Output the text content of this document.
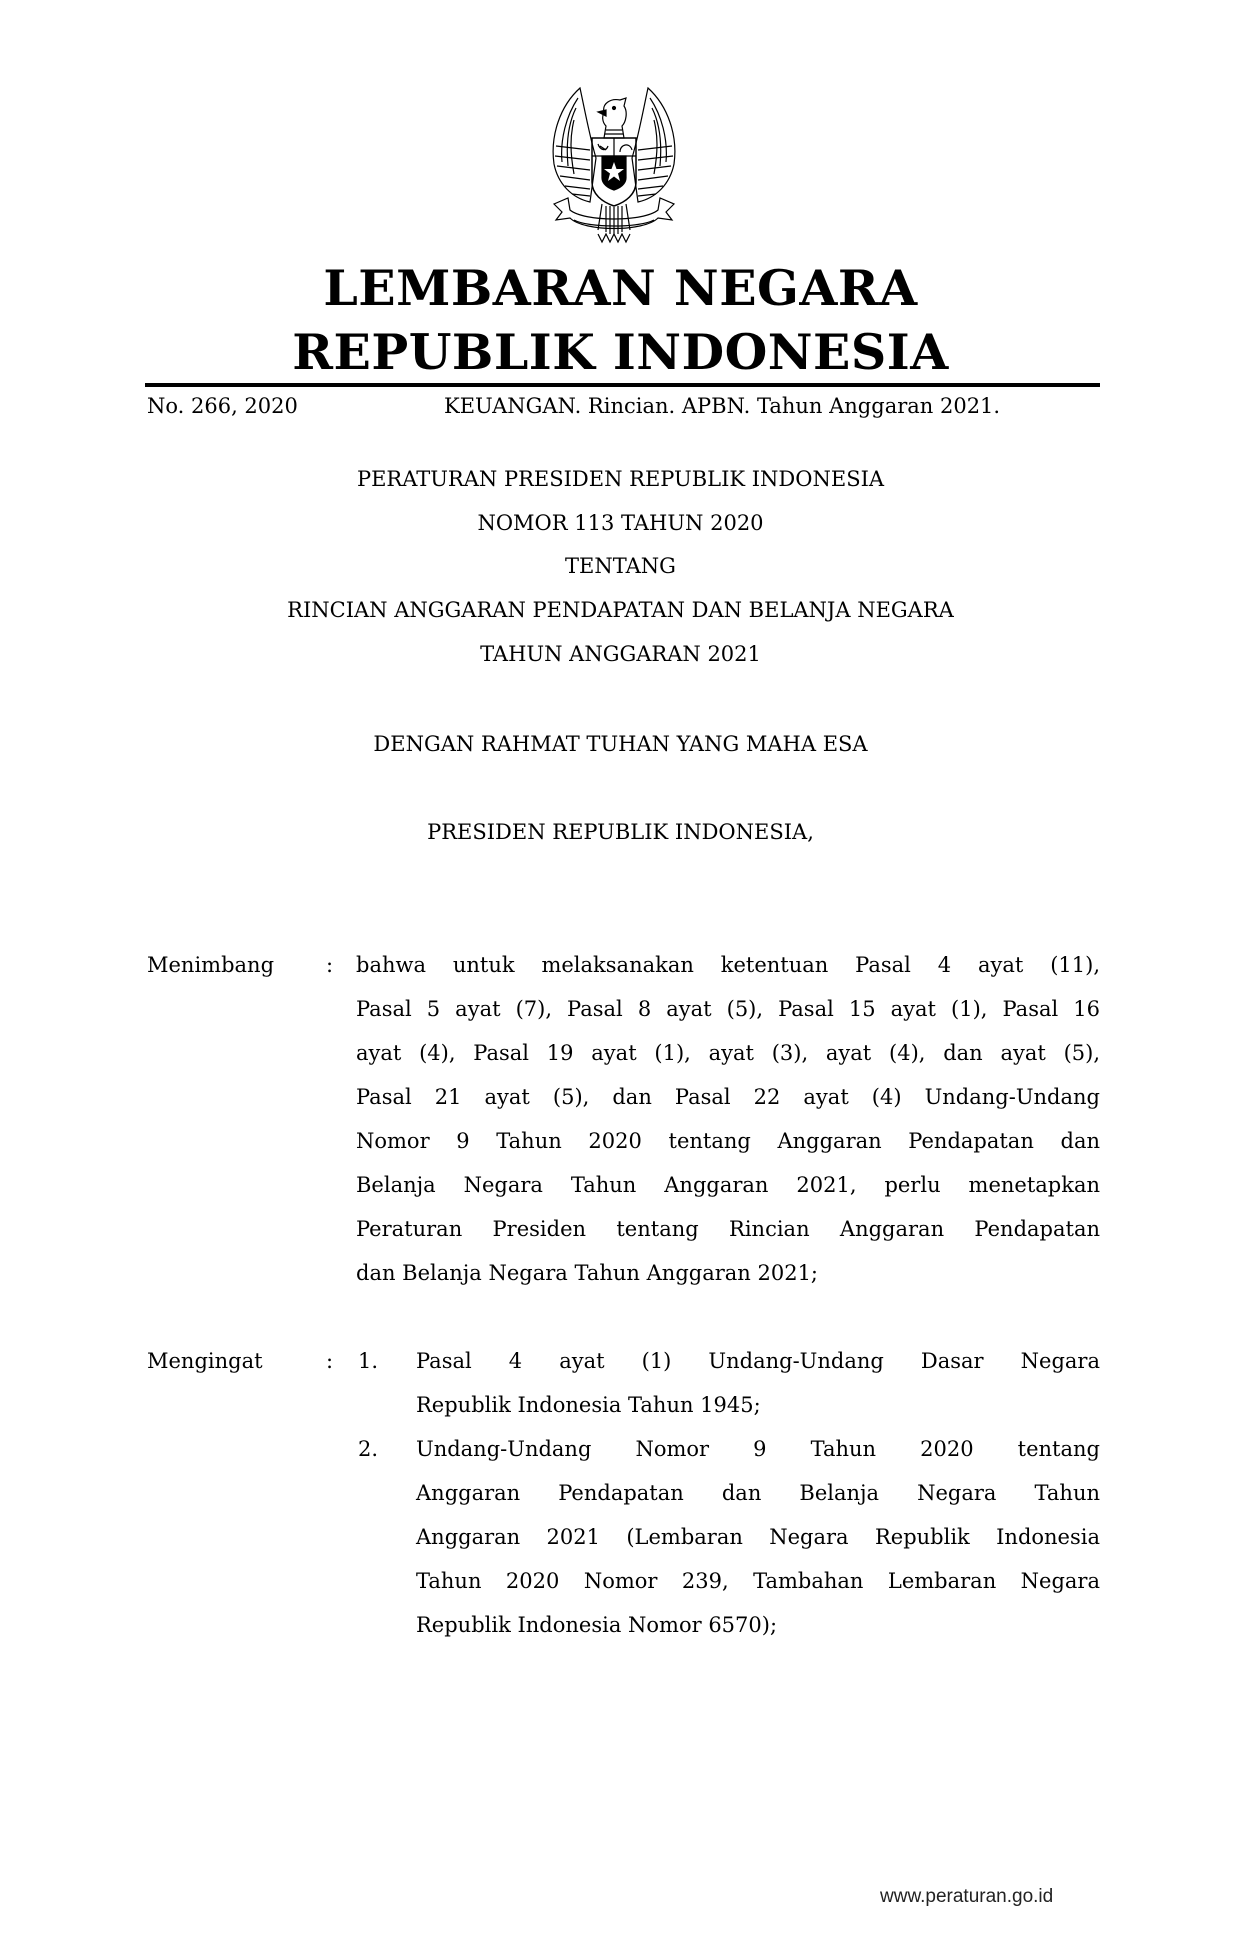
LEMBARAN NEGARA
REPUBLIK INDONESIA
No. 266, 2020	KEUANGAN. Rincian. APBN. Tahun Anggaran 2021.
PERATURAN PRESIDEN REPUBLIK INDONESIA
NOMOR 113 TAHUN 2020
TENTANG
RINCIAN ANGGARAN PENDAPATAN DAN BELANJA NEGARA
TAHUN ANGGARAN 2021
DENGAN RAHMAT TUHAN YANG MAHA ESA
PRESIDEN REPUBLIK INDONESIA,
Menimbang : bahwa untuk melaksanakan ketentuan Pasal 4 ayat (11),
Pasal 5 ayat (7), Pasal 8 ayat (5), Pasal 15 ayat (1), Pasal 16
ayat (4), Pasal 19 ayat (1), ayat (3), ayat (4), dan ayat (5),
Pasal 21 ayat (5), dan Pasal 22 ayat (4) Undang-Undang
Nomor 9 Tahun 2020 tentang Anggaran Pendapatan dan
Belanja Negara Tahun Anggaran 2021, perlu menetapkan
Peraturan Presiden tentang Rincian Anggaran Pendapatan
dan Belanja Negara Tahun Anggaran 2021;
Mengingat	: 1. Pasal 4 ayat (1) Undang-Undang Dasar Negara
Republik Indonesia Tahun 1945;
2. Undang-Undang Nomor 9 Tahun 2020 tentang
Anggaran Pendapatan dan Belanja Negara Tahun
Anggaran 2021 (Lembaran Negara Republik Indonesia
Tahun 2020 Nomor 239, Tambahan Lembaran Negara
Republik Indonesia Nomor 6570);
www.peraturan.go.id
